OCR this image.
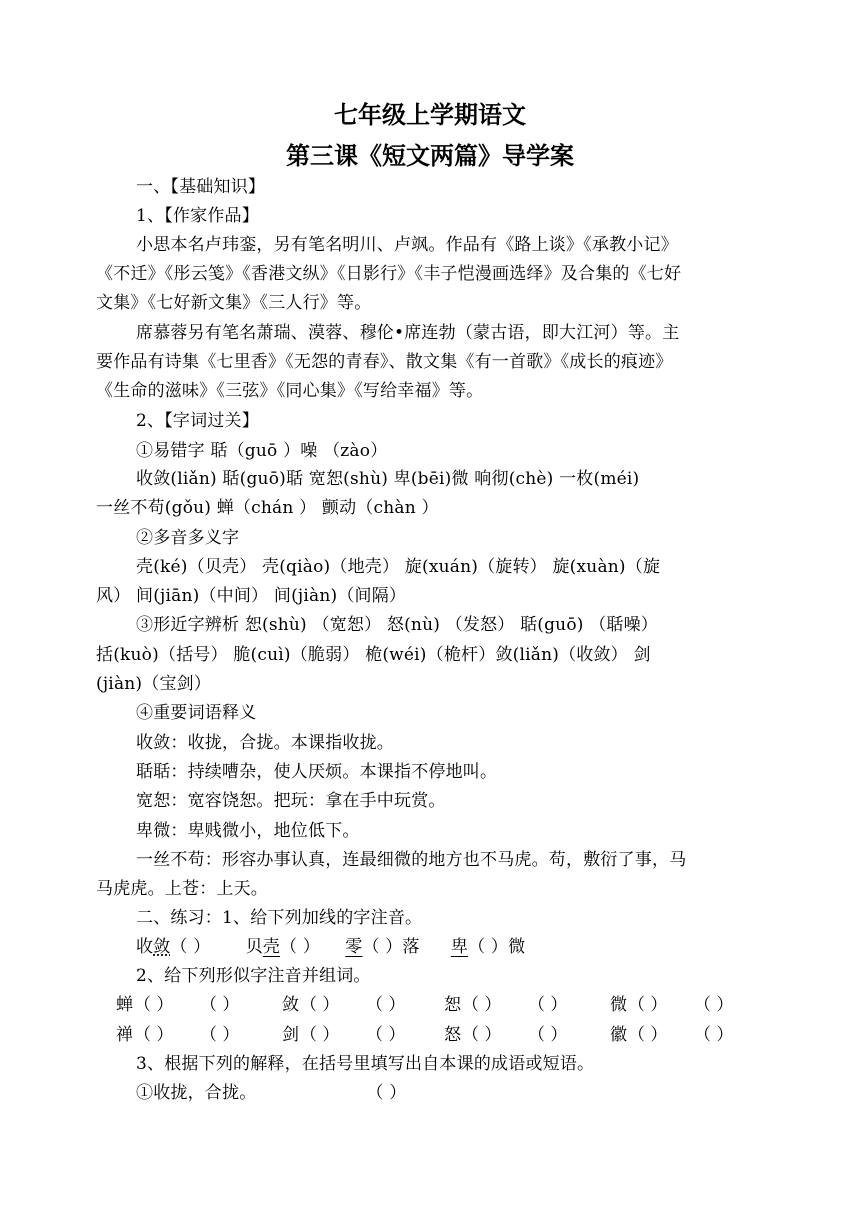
七年级上学期语文
第三课《短文两篇》导学案
一、【基础知识】
1、【作家作品】
小思本名卢玮銮，另有笔名明川、卢飒。作品有《路上谈》《承教小记》
《不迁》《彤云笺》《香港文纵》《日影行》《丰子恺漫画选绎》及合集的《七好
文集》《七好新文集》《三人行》等。
席慕蓉另有笔名萧瑞、漠蓉、穆伦•席连勃（蒙古语，即大江河）等。主
要作品有诗集《七里香》《无怨的青春》、散文集《有一首歌》《成长的痕迹》
《生命的滋味》《三弦》《同心集》《写给幸福》等。
2、【字词过关】
①易错字 聒（guō ）噪 （zào）
收敛(liǎn) 聒(guō)聒 宽恕(shù) 卑(bēi)微 响彻(chè) 一枚(méi)
一丝不苟(gǒu) 蝉（chán ） 颤动（chàn ）
②多音多义字
壳(ké)（贝壳） 壳(qiào)（地壳） 旋(xuán)（旋转） 旋(xuàn)（旋
风） 间(jiān)（中间） 间(jiàn)（间隔）
③形近字辨析 恕(shù) （宽恕） 怒(nù) （发怒） 聒(guō) （聒噪）
括(kuò)（括号） 脆(cuì)（脆弱） 桅(wéi)（桅杆）敛(liǎn)（收敛） 剑
(jiàn)（宝剑）
④重要词语释义
收敛：收拢，合拢。本课指收拢。
聒聒：持续嘈杂，使人厌烦。本课指不停地叫。
宽恕：宽容饶恕。把玩：拿在手中玩赏。
卑微：卑贱微小，地位低下。
一丝不苟：形容办事认真，连最细微的地方也不马虎。苟，敷衍了事，马
马虎虎。上苍：上天。
二、练习：1、给下列加线的字注音。
收敛（ ） 贝壳（ ） 零（ ）落 卑（ ）微
2、给下列形似字注音并组词。
蝉 （ ） （ ）	敛 （ ） （ ） 恕 （ ） （ ）	微 （ ） （ ）
禅 （ ） （ ）	剑 （ ） （ ） 怒 （ ） （ ）	徽 （ ） （ ）
3、根据下列的解释，在括号里填写出自本课的成语或短语。
①收拢，合拢。	（ ）
